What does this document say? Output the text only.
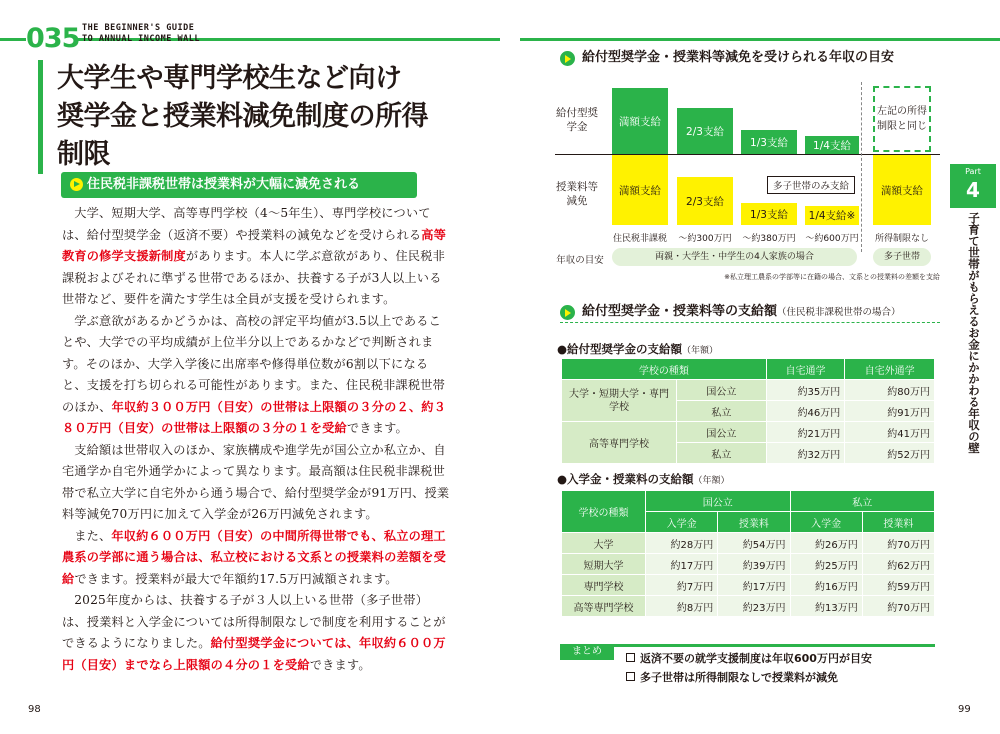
035 THE BEGINNER'S GUIDE
TO ANNUAL INCOME WALL
大学生や専門学校生など向け
奨学金と授業料減免制度の所得制限
住民税非課税世帯は授業料が大幅に減免される

大学、短期大学、高等専門学校（4～5年生）、専門学校については、給付型奨学金（返済不要）や授業料の減免などを受けられる高等教育の修学支援新制度があります。本人に学ぶ意欲があり、住民税非課税およびそれに準ずる世帯であるほか、扶養する子が3人以上いる世帯など、要件を満たす学生は全員が支援を受けられます。

学ぶ意欲があるかどうかは、高校の評定平均値が3.5以上であることや、大学での平均成績が上位半分以上であるかなどで判断されます。そのほか、大学入学後に出席率や修得単位数が6割以下になると、支援を打ち切られる可能性があります。また、住民税非課税世帯のほか、年収約３００万円（目安）の世帯は上限額の３分の２、約３８０万円（目安）の世帯は上限額の３分の１を受給できます。

支給額は世帯収入のほか、家族構成や進学先が国公立か私立か、自宅通学か自宅外通学かによって異なります。最高額は住民税非課税世帯で私立大学に自宅外から通う場合で、給付型奨学金が91万円、授業料等減免70万円に加えて入学金が26万円減免されます。

また、年収約６００万円（目安）の中間所得世帯でも、私立の理工農系の学部に通う場合は、私立校における文系との授業料の差額を受給できます。授業料が最大で年額約17.5万円減額されます。

2025年度からは、扶養する子が３人以上いる世帯（多子世帯）は、授業料と入学金については所得制限なしで制度を利用することができるようになりました。給付型奨学金については、年収約６００万円（目安）までなら上限額の４分の１を受給できます。

98
給付型奨学金・授業料等減免を受けられる年収の目安
給付型奨学金
授業料等減免
満額支給
2/3支給
1/3支給	1/4支給
満額支給
2/3支給
1/3支給	1/4支給※
多子世帯のみ支給
左記の所得制限と同じ
満額支給
住民税非課税	～約300万円	～約380万円	～約600万円	所得制限なし
年収の目安	両親・大学生・中学生の4人家族の場合	多子世帯
※私立理工農系の学部等に在籍の場合、文系との授業料の差額を支給
給付型奨学金・授業料等の支給額（住民税非課税世帯の場合）
●給付型奨学金の支給額（年額）
学校の種類		自宅通学	自宅外通学
大学・短期大学・専門学校	国公立	約35万円	約80万円
	私立	約46万円	約91万円
高等専門学校	国公立	約21万円	約41万円
	私立	約32万円	約52万円
●入学金・授業料の支給額（年額）
学校の種類	国公立		私立	
	入学金	授業料	入学金	授業料
大学	約28万円	約54万円	約26万円	約70万円
短期大学	約17万円	約39万円	約25万円	約62万円
専門学校	約7万円	約17万円	約16万円	約59万円
高等専門学校	約8万円	約23万円	約13万円	約70万円
まとめ
返済不要の就学支援制度は年収600万円が目安
多子世帯は所得制限なしで授業料が減免
Part
4
子育て世帯がもらえるお金にかかわる年収の壁
99
